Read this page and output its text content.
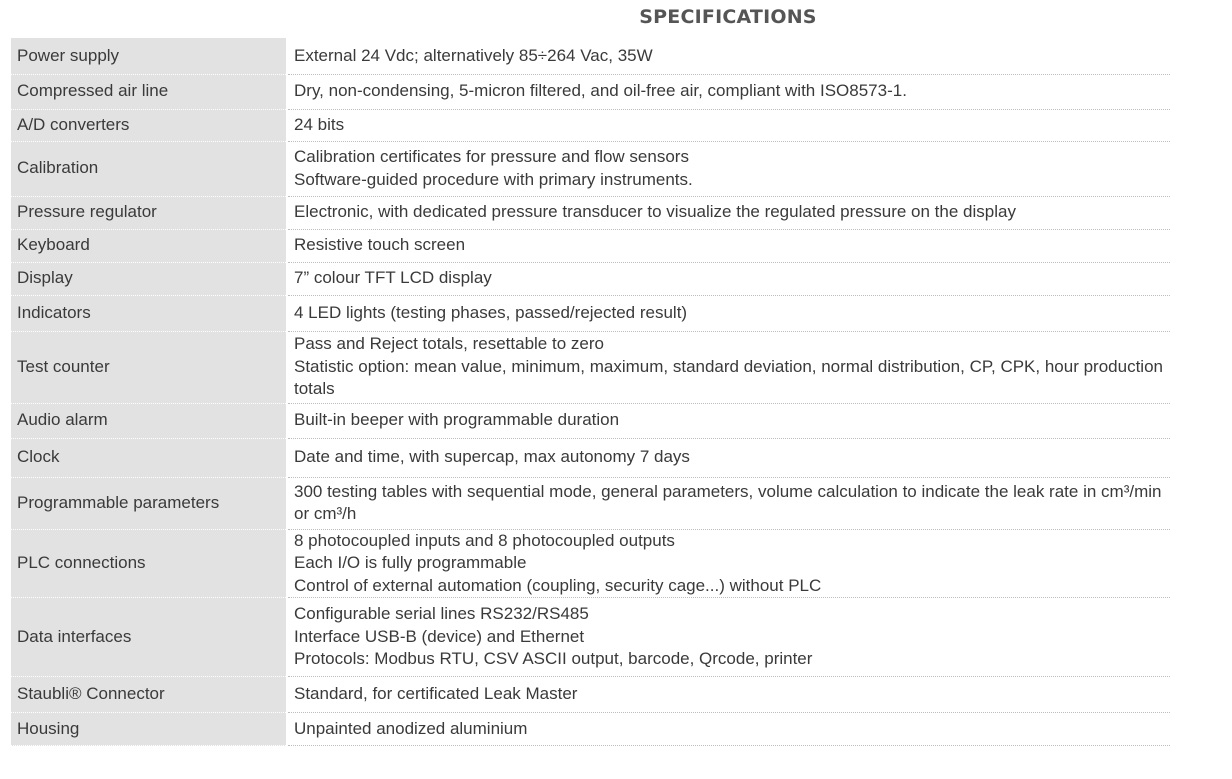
SPECIFICATIONS
Power supply	External 24 Vdc; alternatively 85÷264 Vac, 35W

Compressed air line	Dry, non-condensing, 5-micron filtered, and oil-free air, compliant with ISO8573-1.

A/D converters	24 bits

Calibration	Calibration certificates for pressure and flow sensors
Software-guided procedure with primary instruments.

Pressure regulator	Electronic, with dedicated pressure transducer to visualize the regulated pressure on the display

Keyboard	Resistive touch screen

Display	7” colour TFT LCD display

Indicators	4 LED lights (testing phases, passed/rejected result)

Test counter	Pass and Reject totals, resettable to zero
Statistic option: mean value, minimum, maximum, standard deviation, normal distribution, CP, CPK, hour production totals

Audio alarm	Built-in beeper with programmable duration

Clock	Date and time, with supercap, max autonomy 7 days

Programmable parameters	300 testing tables with sequential mode, general parameters, volume calculation to indicate the leak rate in cm³/min or cm³/h

PLC connections	8 photocoupled inputs and 8 photocoupled outputs
Each I/O is fully programmable
Control of external automation (coupling, security cage...) without PLC

Data interfaces	Configurable serial lines RS232/RS485
Interface USB-B (device) and Ethernet
Protocols: Modbus RTU, CSV ASCII output, barcode, Qrcode, printer

Staubli® Connector	Standard, for certificated Leak Master

Housing	Unpainted anodized aluminium
